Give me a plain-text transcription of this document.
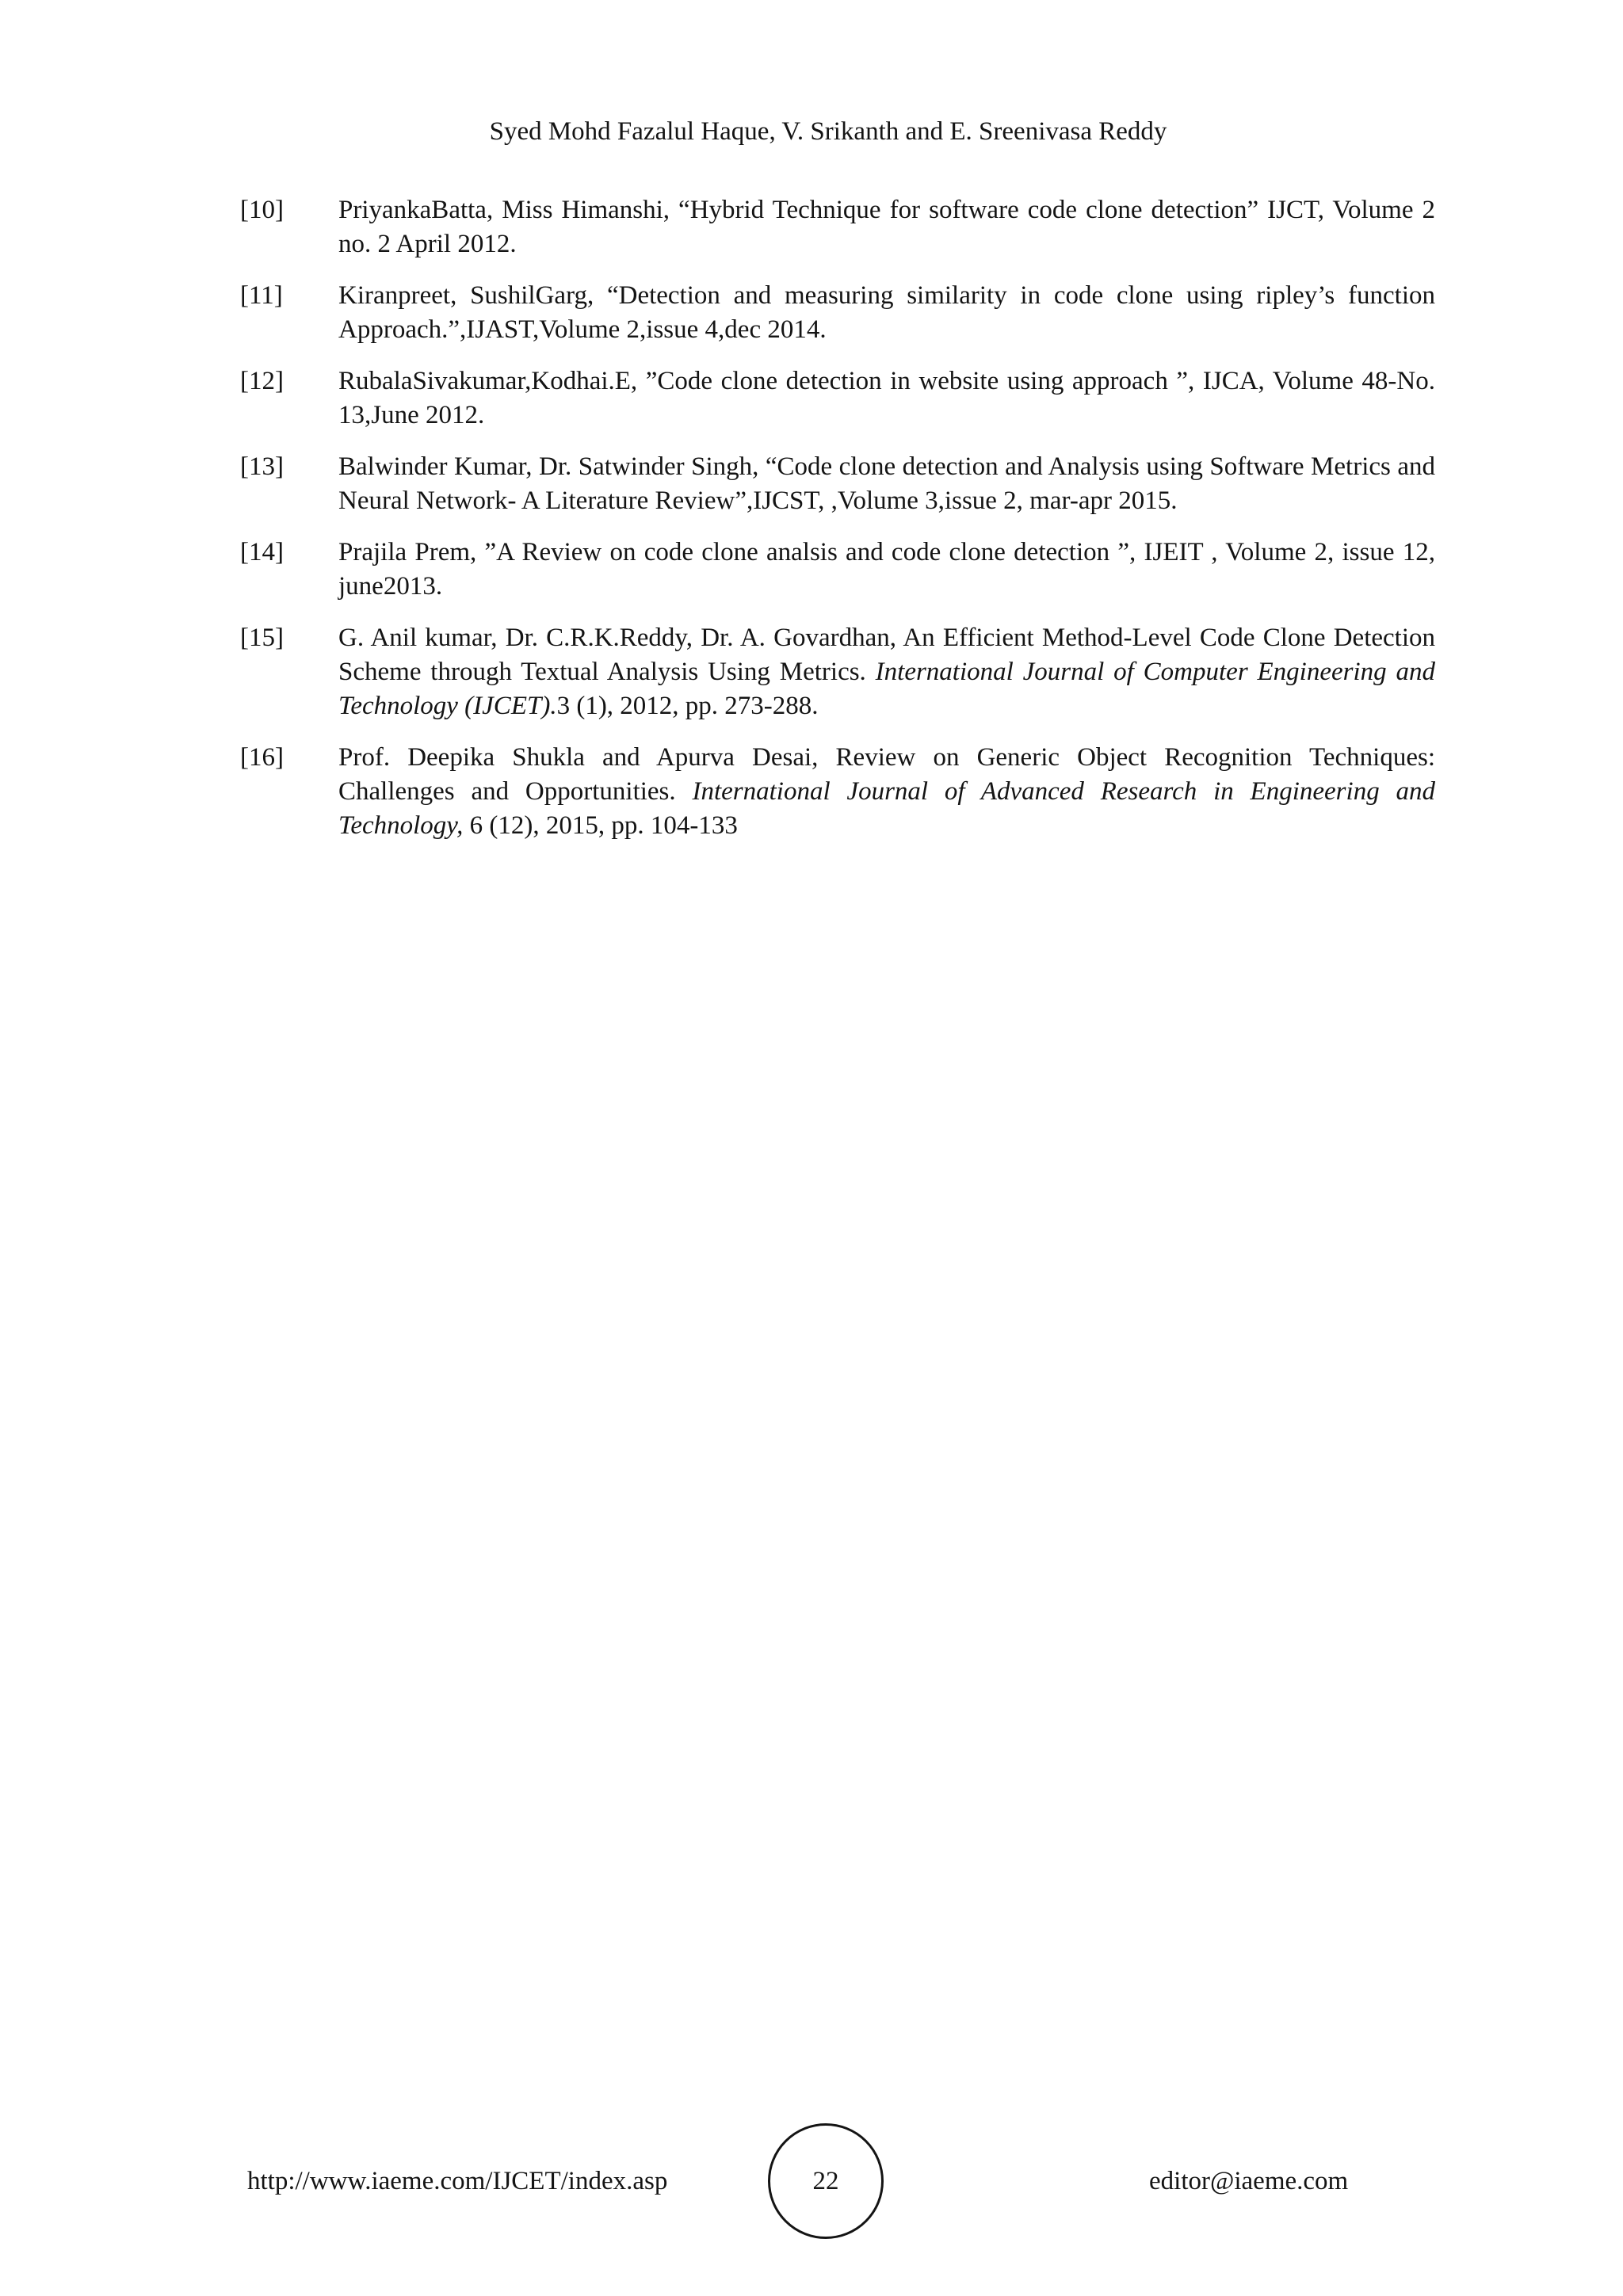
Syed Mohd Fazalul Haque, V. Srikanth and E. Sreenivasa Reddy
[10]	PriyankaBatta, Miss Himanshi, “Hybrid Technique for software code clone detection” IJCT, Volume 2 no. 2 April 2012.
[11]	Kiranpreet, SushilGarg, “Detection and measuring similarity in code clone using ripley’s function Approach.”,IJAST,Volume 2,issue 4,dec 2014.
[12]	RubalaSivakumar,Kodhai.E, ”Code clone detection in website using approach ”, IJCA, Volume 48-No. 13,June 2012.
[13]	Balwinder Kumar, Dr. Satwinder Singh, “Code clone detection and Analysis using Software Metrics and Neural Network- A Literature Review”,IJCST, ,Volume 3,issue 2, mar-apr 2015.
[14]	Prajila Prem, ”A Review on code clone analsis and code clone detection ”, IJEIT , Volume 2, issue 12, june2013.
[15]	G. Anil kumar, Dr. C.R.K.Reddy, Dr. A. Govardhan, An Efficient Method-Level Code Clone Detection Scheme through Textual Analysis Using Metrics. International Journal of Computer Engineering and Technology (IJCET).3 (1), 2012, pp. 273-288.
[16]	Prof. Deepika Shukla and Apurva Desai, Review on Generic Object Recognition Techniques: Challenges and Opportunities. International Journal of Advanced Research in Engineering and Technology, 6 (12), 2015, pp. 104-133
http://www.iaeme.com/IJCET/index.asp	22	editor@iaeme.com
